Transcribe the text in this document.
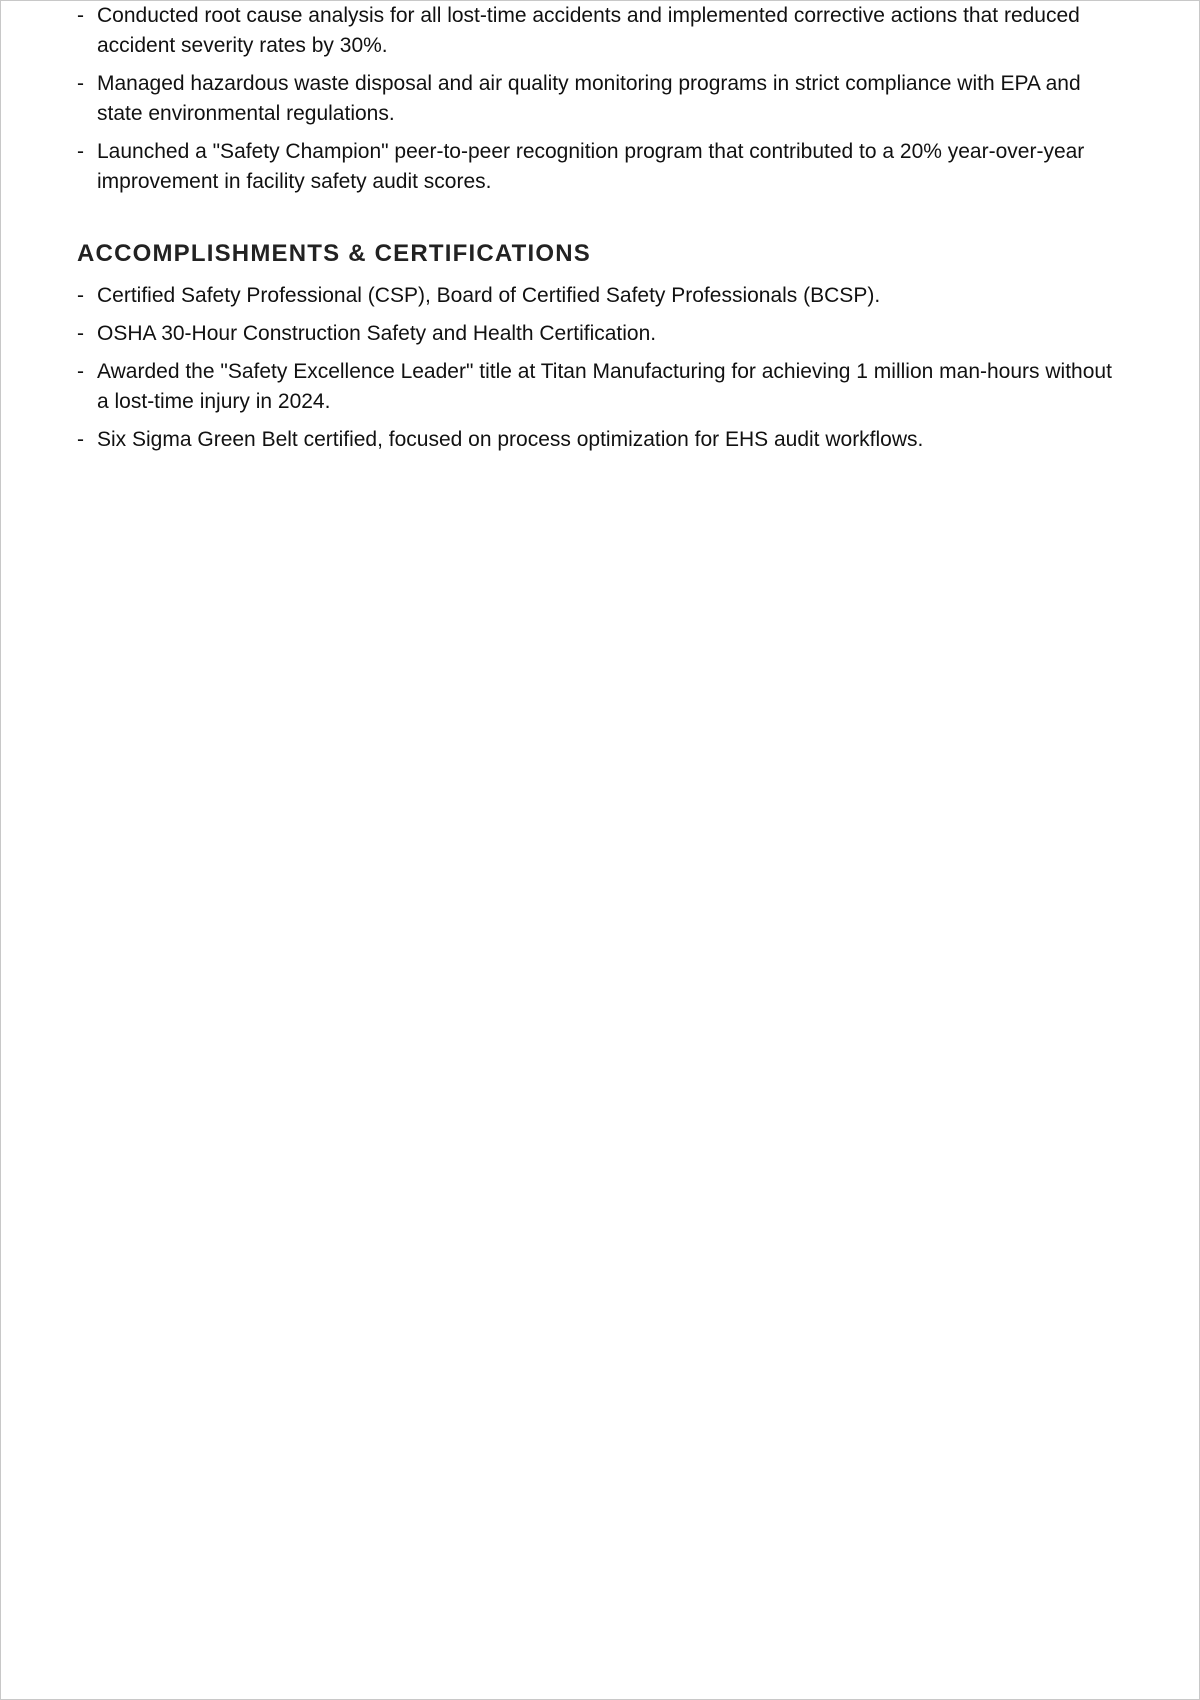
- Conducted root cause analysis for all lost-time accidents and implemented corrective actions that reduced accident severity rates by 30%.
- Managed hazardous waste disposal and air quality monitoring programs in strict compliance with EPA and state environmental regulations.
- Launched a "Safety Champion" peer-to-peer recognition program that contributed to a 20% year-over-year improvement in facility safety audit scores.
ACCOMPLISHMENTS & CERTIFICATIONS
- Certified Safety Professional (CSP), Board of Certified Safety Professionals (BCSP).
- OSHA 30-Hour Construction Safety and Health Certification.
- Awarded the "Safety Excellence Leader" title at Titan Manufacturing for achieving 1 million man-hours without a lost-time injury in 2024.
- Six Sigma Green Belt certified, focused on process optimization for EHS audit workflows.
